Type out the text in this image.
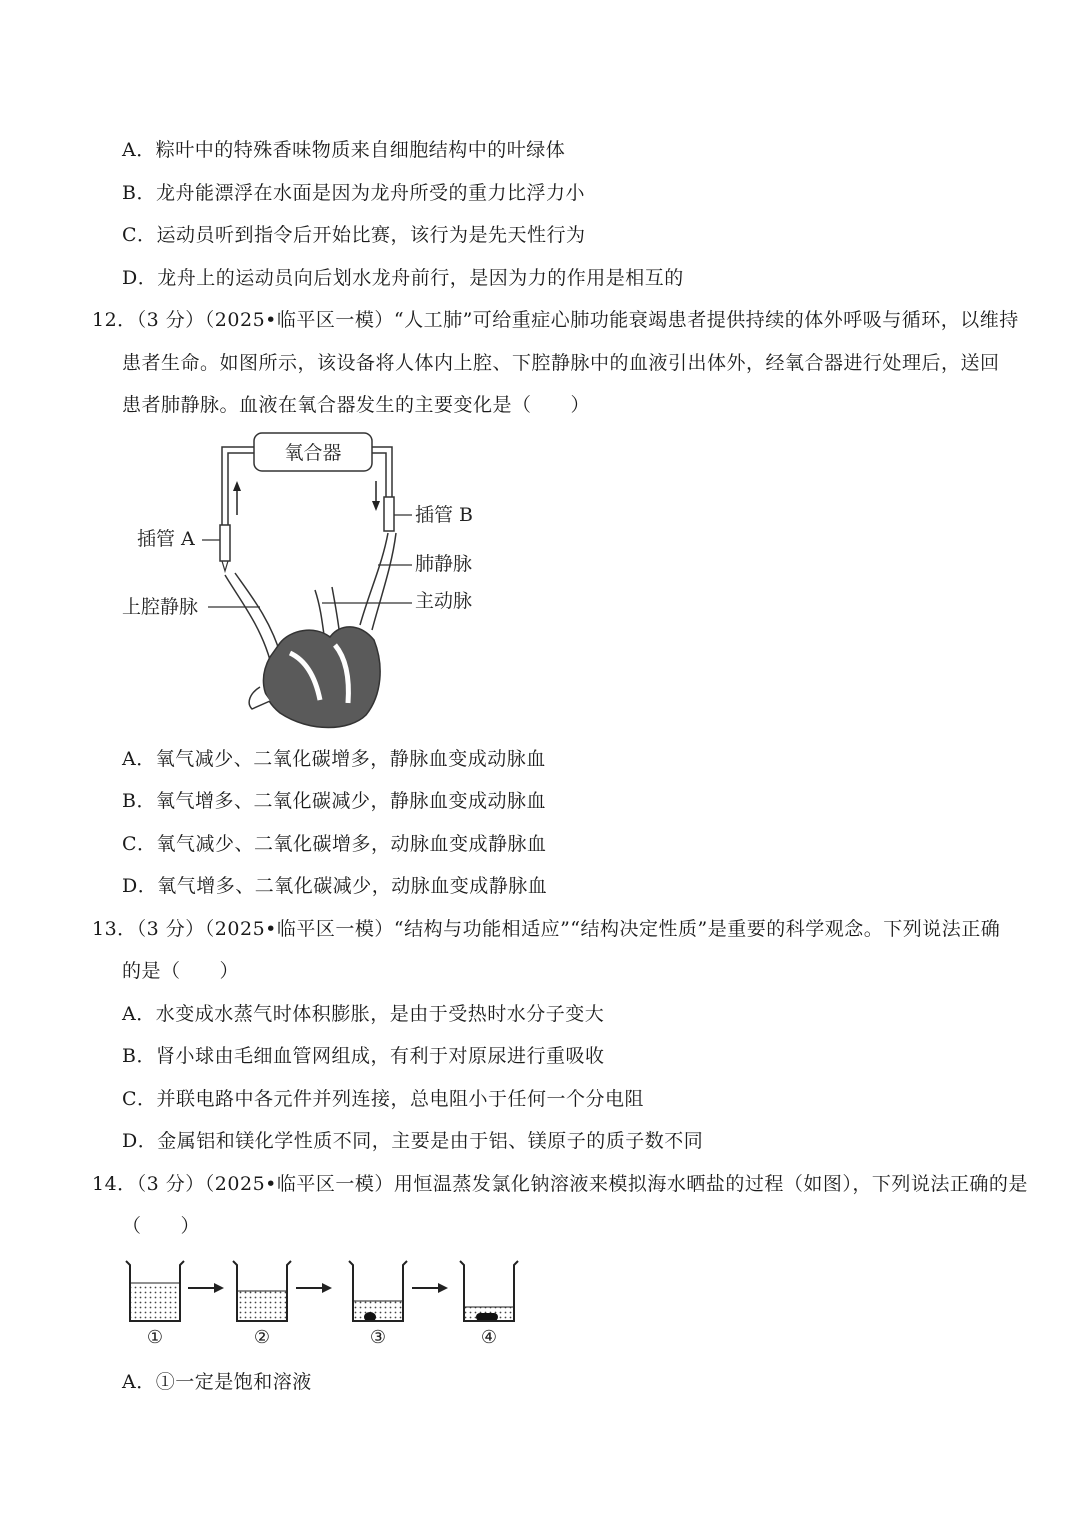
A．粽叶中的特殊香味物质来自细胞结构中的叶绿体
B．龙舟能漂浮在水面是因为龙舟所受的重力比浮力小
C．运动员听到指令后开始比赛，该行为是先天性行为
D．龙舟上的运动员向后划水龙舟前行，是因为力的作用是相互的
12．（3 分）（2025•临平区一模）“人工肺”可给重症心肺功能衰竭患者提供持续的体外呼吸与循环，以维持
患者生命。如图所示，该设备将人体内上腔、下腔静脉中的血液引出体外，经氧合器进行处理后，送回
患者肺静脉。血液在氧合器发生的主要变化是（　　）
氧合器
插管 A
插管 B
肺静脉
上腔静脉	主动脉
A．氧气减少、二氧化碳增多，静脉血变成动脉血
B．氧气增多、二氧化碳减少，静脉血变成动脉血
C．氧气减少、二氧化碳增多，动脉血变成静脉血
D．氧气增多、二氧化碳减少，动脉血变成静脉血
13．（3 分）（2025•临平区一模）“结构与功能相适应”“结构决定性质”是重要的科学观念。下列说法正确
的是（　　）
A．水变成水蒸气时体积膨胀，是由于受热时水分子变大
B．肾小球由毛细血管网组成，有利于对原尿进行重吸收
C．并联电路中各元件并列连接，总电阻小于任何一个分电阻
D．金属铝和镁化学性质不同，主要是由于铝、镁原子的质子数不同
14．（3 分）（2025•临平区一模）用恒温蒸发氯化钠溶液来模拟海水晒盐的过程（如图），下列说法正确的是
（　　）
①	②	③	④
A．①一定是饱和溶液
